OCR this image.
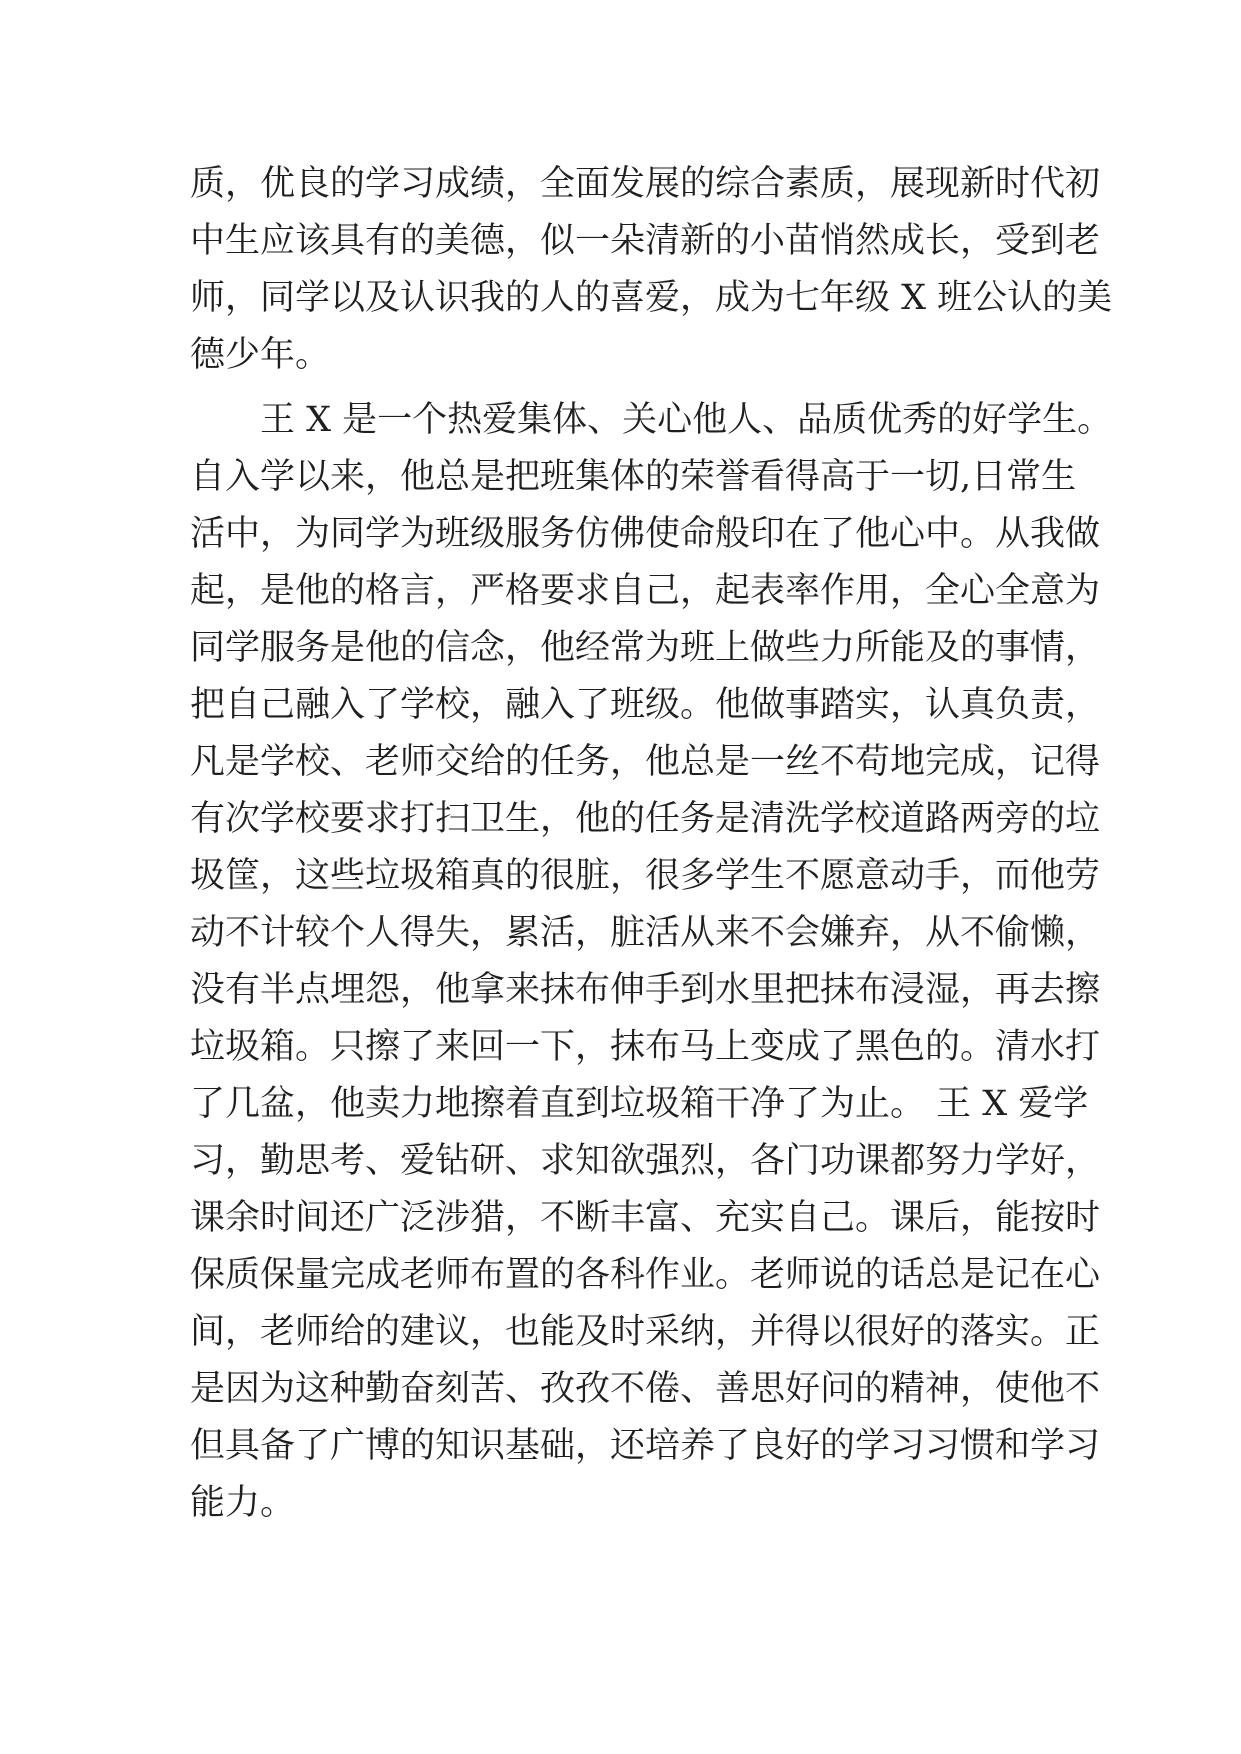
质，优良的学习成绩，全面发展的综合素质，展现新时代初
中生应该具有的美德，似一朵清新的小苗悄然成长，受到老
师，同学以及认识我的人的喜爱，成为七年级 X 班公认的美
德少年。
　　王 X 是一个热爱集体、关心他人、品质优秀的好学生。
自入学以来，他总是把班集体的荣誉看得高于一切,日常生
活中，为同学为班级服务仿佛使命般印在了他心中。从我做
起，是他的格言，严格要求自己，起表率作用，全心全意为
同学服务是他的信念，他经常为班上做些力所能及的事情，
把自己融入了学校，融入了班级。他做事踏实，认真负责，
凡是学校、老师交给的任务，他总是一丝不苟地完成，记得
有次学校要求打扫卫生，他的任务是清洗学校道路两旁的垃
圾筐，这些垃圾箱真的很脏，很多学生不愿意动手，而他劳
动不计较个人得失，累活，脏活从来不会嫌弃，从不偷懒，
没有半点埋怨，他拿来抹布伸手到水里把抹布浸湿，再去擦
垃圾箱。只擦了来回一下，抹布马上变成了黑色的。清水打
了几盆，他卖力地擦着直到垃圾箱干净了为止。 王 X 爱学
习，勤思考、爱钻研、求知欲强烈，各门功课都努力学好，
课余时间还广泛涉猎，不断丰富、充实自己。课后，能按时
保质保量完成老师布置的各科作业。老师说的话总是记在心
间，老师给的建议，也能及时采纳，并得以很好的落实。正
是因为这种勤奋刻苦、孜孜不倦、善思好问的精神，使他不
但具备了广博的知识基础，还培养了良好的学习习惯和学习
能力。
